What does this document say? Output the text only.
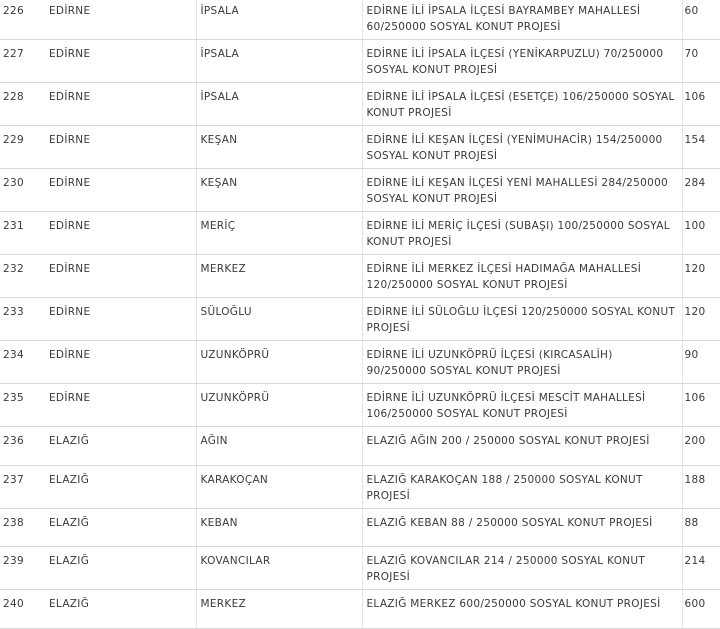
226	EDİRNE	İPSALA	EDİRNE İLİ İPSALA İLÇESİ BAYRAMBEY MAHALLESİ 60/250000 SOSYAL KONUT PROJESİ	60
227	EDİRNE	İPSALA	EDİRNE İLİ İPSALA İLÇESİ (YENİKARPUZLU) 70/250000 SOSYAL KONUT PROJESİ	70
228	EDİRNE	İPSALA	EDİRNE İLİ İPSALA İLÇESİ (ESETÇE) 106/250000 SOSYAL KONUT PROJESİ	106
229	EDİRNE	KEŞAN	EDİRNE İLİ KEŞAN İLÇESİ (YENİMUHACİR) 154/250000 SOSYAL KONUT PROJESİ	154
230	EDİRNE	KEŞAN	EDİRNE İLİ KEŞAN İLÇESİ YENİ MAHALLESİ 284/250000 SOSYAL KONUT PROJESİ	284
231	EDİRNE	MERİÇ	EDİRNE İLİ MERİÇ İLÇESİ (SUBAŞI) 100/250000 SOSYAL KONUT PROJESİ	100
232	EDİRNE	MERKEZ	EDİRNE İLİ MERKEZ İLÇESİ HADIMAĞA MAHALLESİ 120/250000 SOSYAL KONUT PROJESİ	120
233	EDİRNE	SÜLOĞLU	EDİRNE İLİ SÜLOĞLU İLÇESİ 120/250000 SOSYAL KONUT PROJESİ	120
234	EDİRNE	UZUNKÖPRÜ	EDİRNE İLİ UZUNKÖPRÜ İLÇESİ (KIRCASALİH) 90/250000 SOSYAL KONUT PROJESİ	90
235	EDİRNE	UZUNKÖPRÜ	EDİRNE İLİ UZUNKÖPRÜ İLÇESİ MESCİT MAHALLESİ 106/250000 SOSYAL KONUT PROJESİ	106
236	ELAZIĞ	AĞIN	ELAZIĞ AĞIN 200 / 250000 SOSYAL KONUT PROJESİ	200
237	ELAZIĞ	KARAKOÇAN	ELAZIĞ KARAKOÇAN 188 / 250000 SOSYAL KONUT PROJESİ	188
238	ELAZIĞ	KEBAN	ELAZIĞ KEBAN 88 / 250000 SOSYAL KONUT PROJESİ	88
239	ELAZIĞ	KOVANCILAR	ELAZIĞ KOVANCILAR 214 / 250000 SOSYAL KONUT PROJESİ	214
240	ELAZIĞ	MERKEZ	ELAZIĞ MERKEZ 600/250000 SOSYAL KONUT PROJESİ	600
